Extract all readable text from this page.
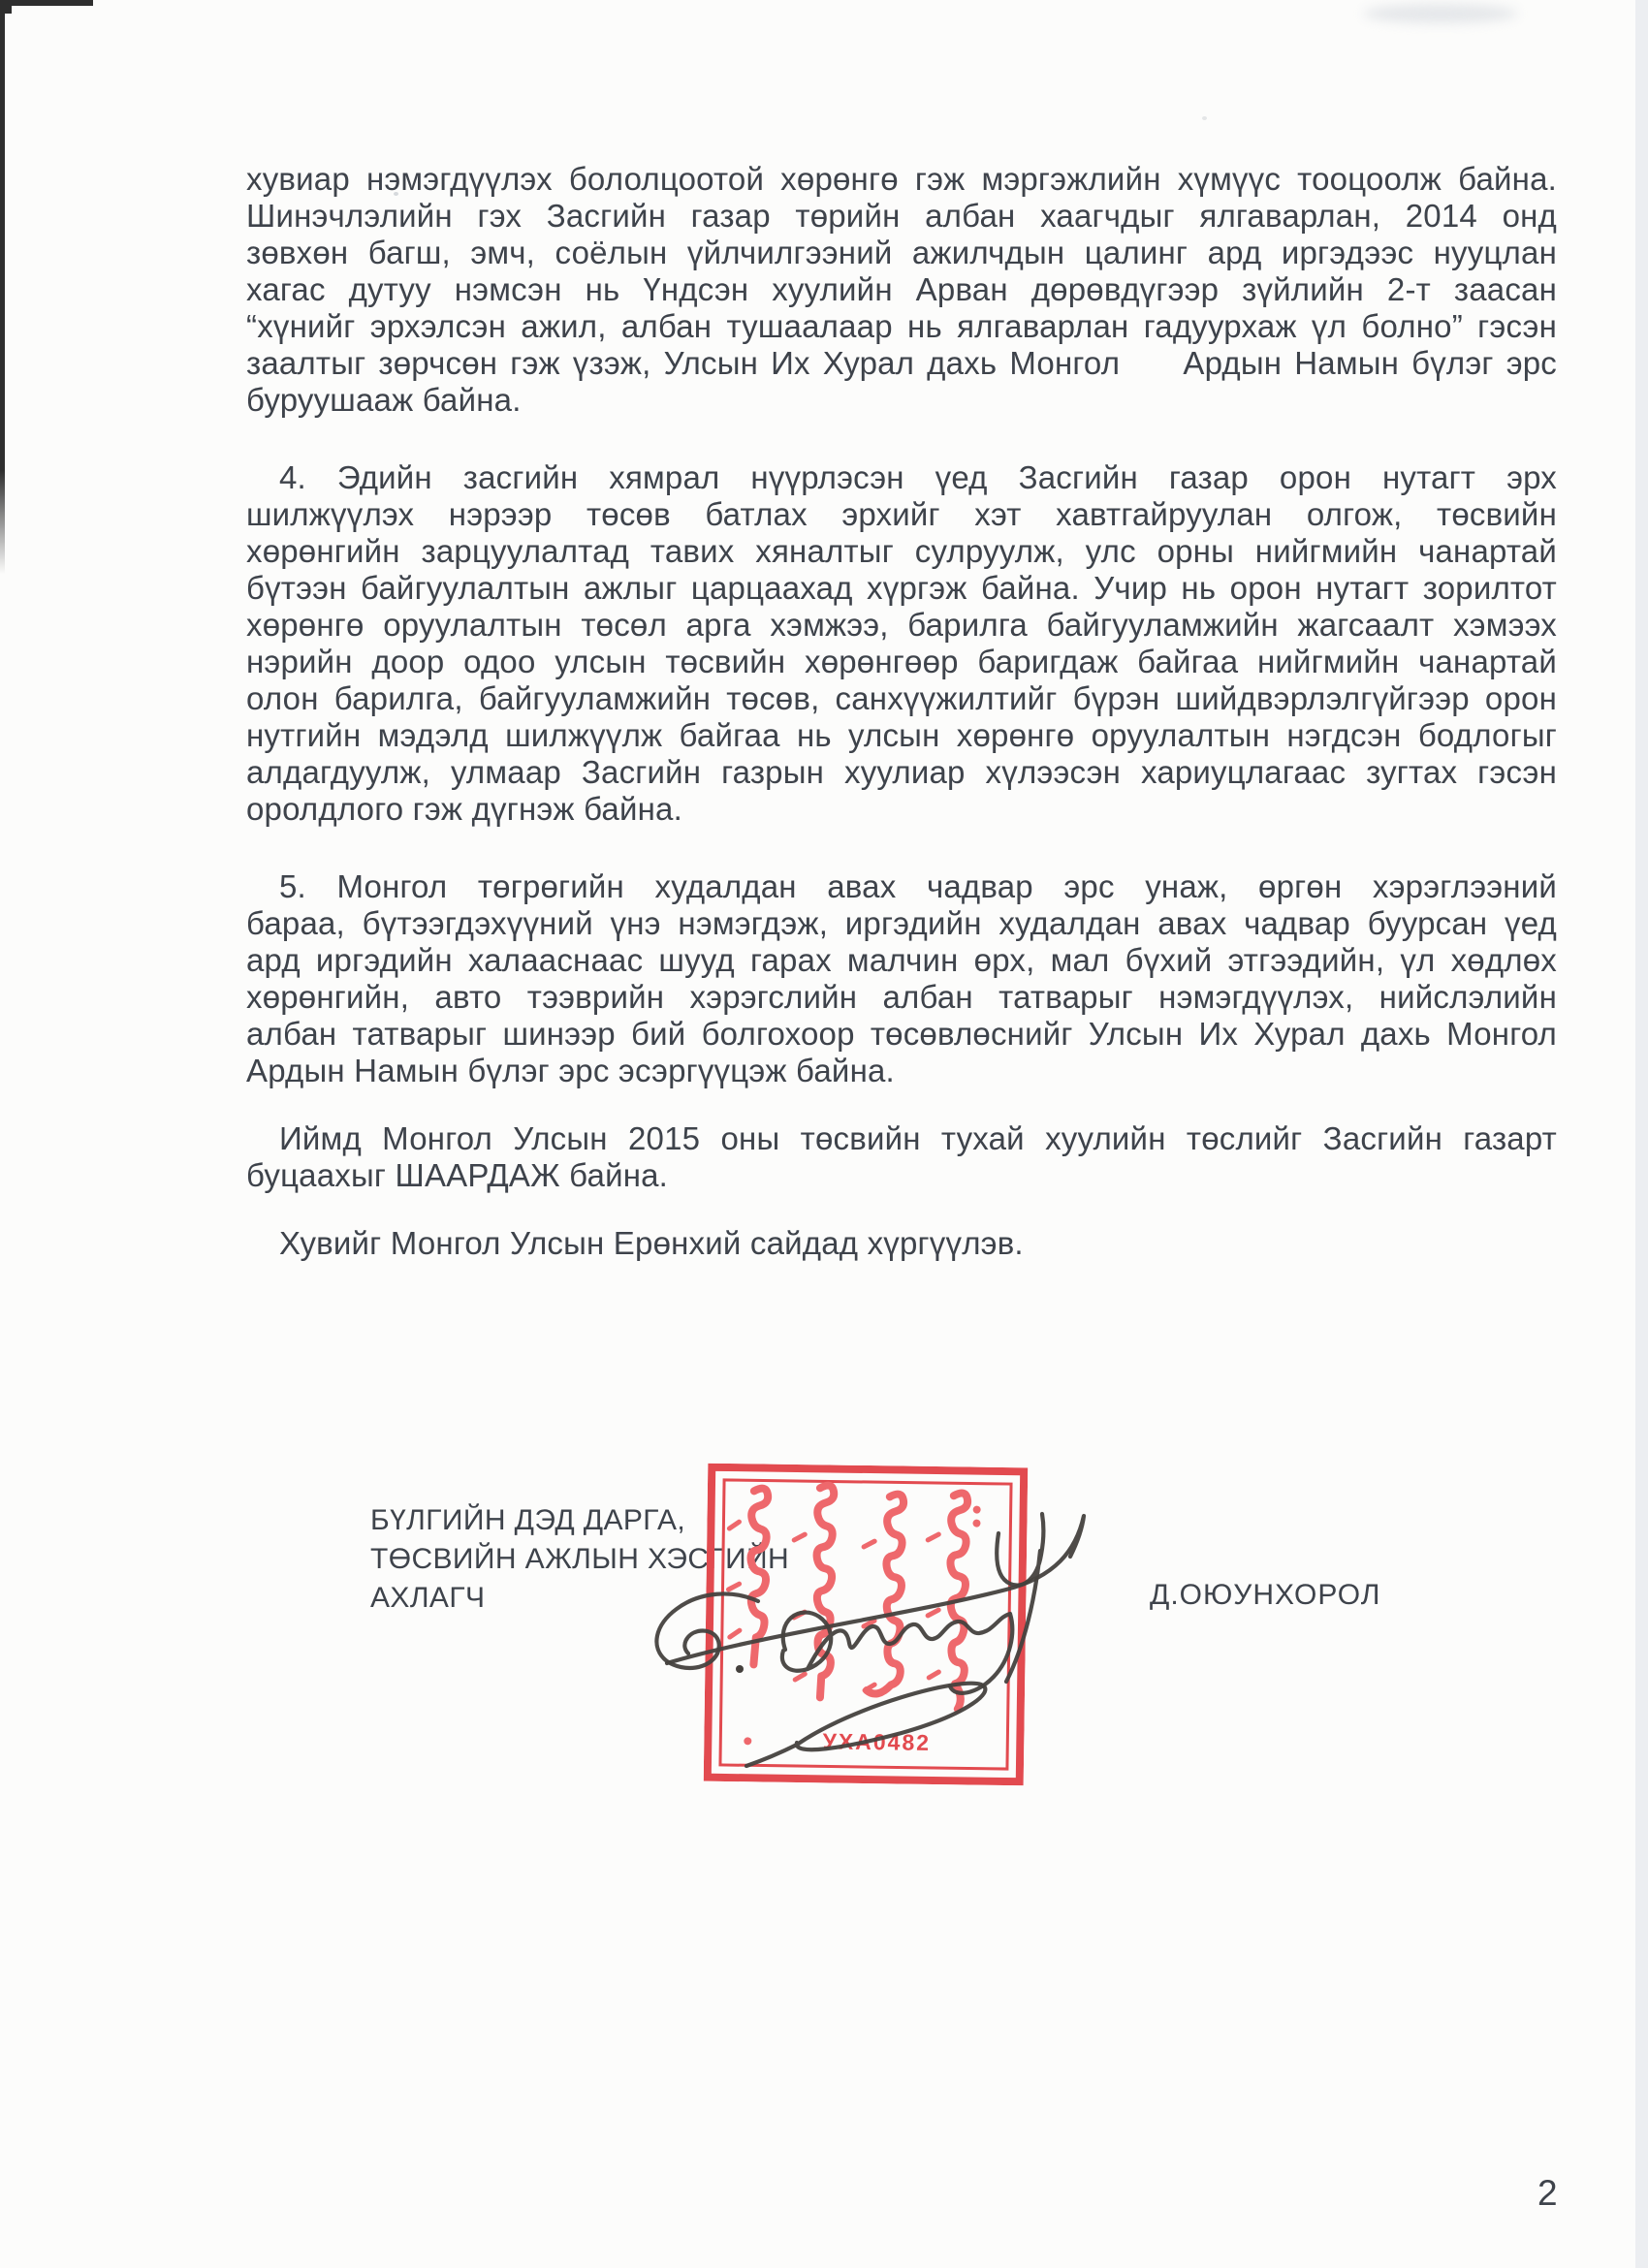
хувиар нэмэгдүүлэх бололцоотой хөрөнгө гэж мэргэжлийн хүмүүс тооцоолж байна.
Шинэчлэлийн гэх Засгийн газар төрийн албан хаагчдыг ялгаварлан, 2014 онд
зөвхөн багш, эмч, соёлын үйлчилгээний ажилчдын цалинг ард иргэдээс нууцлан
хагас дутуу нэмсэн нь Үндсэн хуулийн Арван дөрөвдүгээр зүйлийн 2-т заасан
“хүнийг эрхэлсэн ажил, албан тушаалаар нь ялгаварлан гадуурхаж үл болно” гэсэн
заалтыг зөрчсөн гэж үзэж, Улсын Их Хурал дахь Монгол     Ардын Намын бүлэг эрс
буруушааж байна.
4. Эдийн засгийн хямрал нүүрлэсэн үед Засгийн газар орон нутагт эрх
шилжүүлэх нэрээр төсөв батлах эрхийг хэт хавтгайруулан олгож, төсвийн
хөрөнгийн зарцуулалтад тавих хяналтыг сулруулж, улс орны нийгмийн чанартай
бүтээн байгуулалтын ажлыг царцаахад хүргэж байна. Учир нь орон нутагт зорилтот
хөрөнгө оруулалтын төсөл арга хэмжээ, барилга байгууламжийн жагсаалт хэмээх
нэрийн доор одоо улсын төсвийн хөрөнгөөр баригдаж байгаа нийгмийн чанартай
олон барилга, байгууламжийн төсөв, санхүүжилтийг бүрэн шийдвэрлэлгүйгээр орон
нутгийн мэдэлд шилжүүлж байгаа нь улсын хөрөнгө оруулалтын нэгдсэн бодлогыг
алдагдуулж, улмаар Засгийн газрын хуулиар хүлээсэн хариуцлагаас зугтах гэсэн
оролдлого гэж дүгнэж байна.
5. Монгол төгрөгийн худалдан авах чадвар эрс унаж, өргөн хэрэглээний
бараа, бүтээгдэхүүний үнэ нэмэгдэж, иргэдийн худалдан авах чадвар буурсан үед
ард иргэдийн халааснаас шууд гарах малчин өрх, мал бүхий этгээдийн, үл хөдлөх
хөрөнгийн, авто тээврийн хэрэгслийн албан татварыг нэмэгдүүлэх, нийслэлийн
албан татварыг шинээр бий болгохоор төсөвлөснийг Улсын Их Хурал дахь Монгол
Ардын Намын бүлэг эрс эсэргүүцэж байна.
Иймд Монгол Улсын 2015 оны төсвийн тухай хуулийн төслийг Засгийн газарт
буцаахыг ШААРДАЖ байна.
Хувийг Монгол Улсын Ерөнхий сайдад хүргүүлэв.
БҮЛГИЙН ДЭД ДАРГА,
ТӨСВИЙН АЖЛЫН ХЭСГИЙН
АХЛАГЧ	Д.ОЮУНХОРОЛ
УХА0482
2
